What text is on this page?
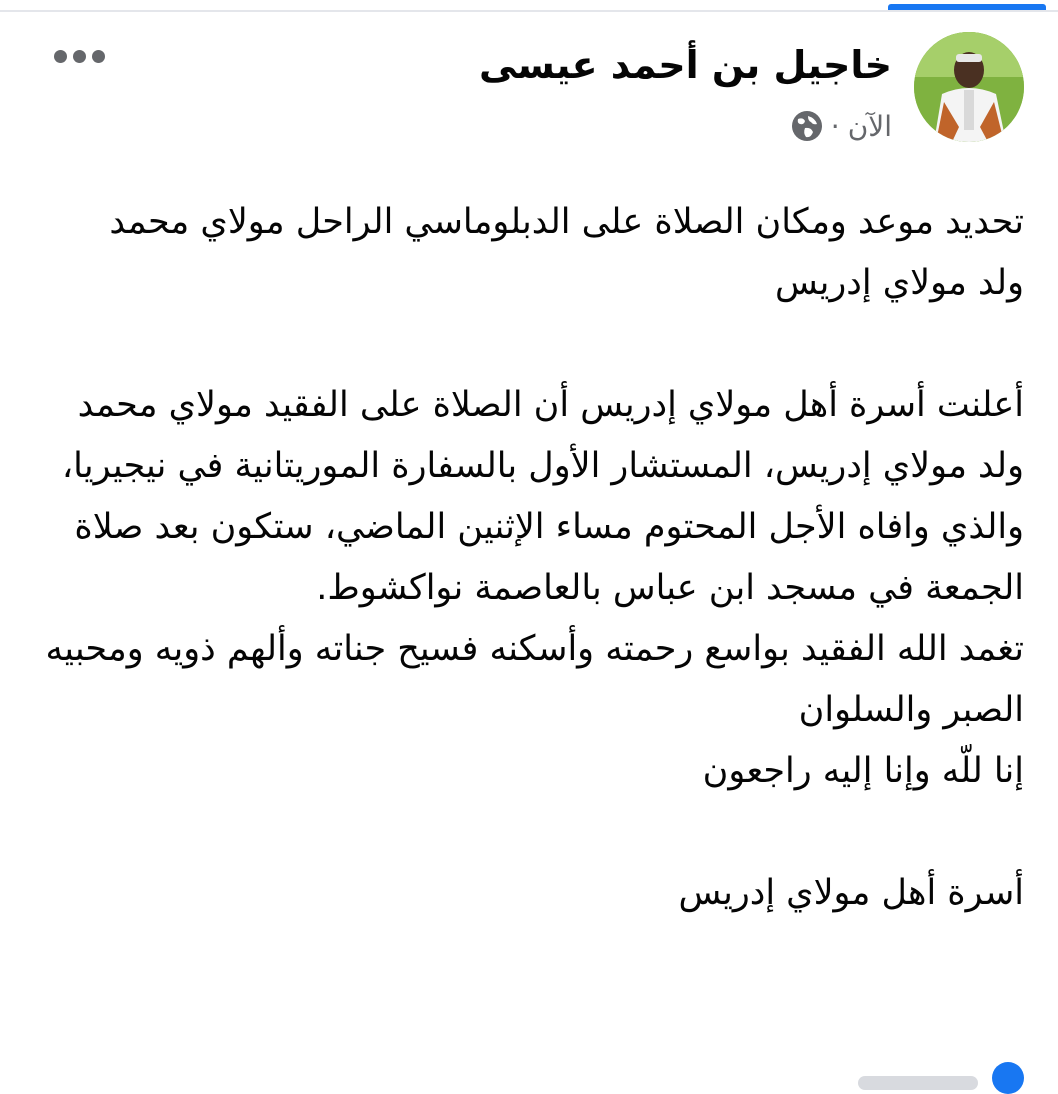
خاجيل بن أحمد عيسى
الآن
·

تحديد موعد ومكان الصلاة على الدبلوماسي الراحل مولاي محمد

ولد مولاي إدريس

أعلنت أسرة أهل مولاي إدريس أن الصلاة على الفقيد مولاي محمد ولد مولاي إدريس، المستشار الأول بالسفارة الموريتانية في نيجيريا، والذي وافاه الأجل المحتوم مساء الإثنين الماضي، ستكون بعد صلاة الجمعة في مسجد ابن عباس بالعاصمة نواكشوط.

تغمد الله الفقيد بواسع رحمته وأسكنه فسيح جناته وألهم ذويه ومحبيه الصبر والسلوان

إنا للّه وإنا إليه راجعون

أسرة أهل مولاي إدريس
